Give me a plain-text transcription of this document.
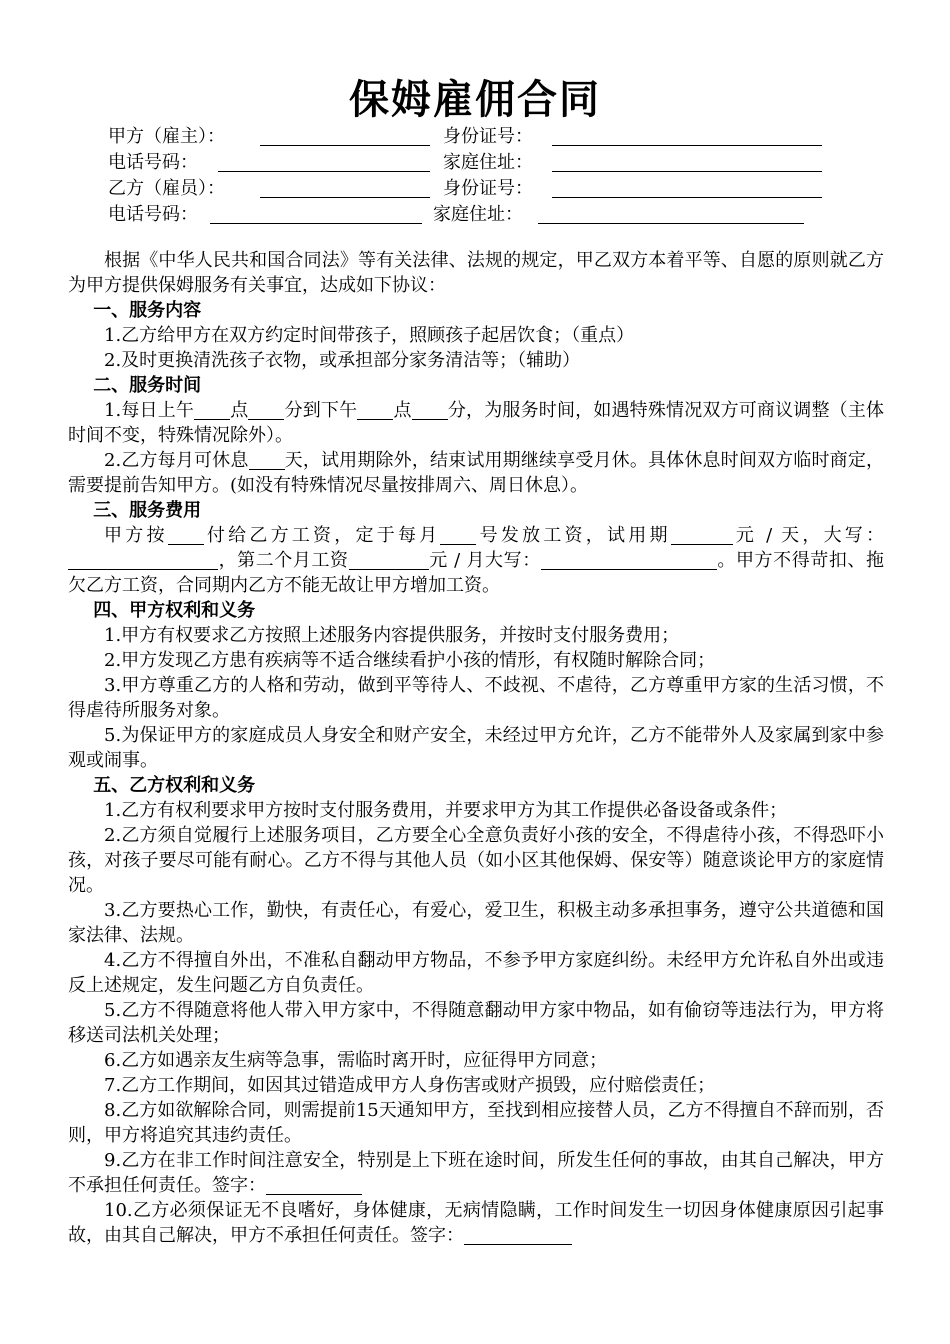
保姆雇佣合同
甲方（雇主）：	身份证号：
电话号码：	家庭住址：
乙方（雇员）：	身份证号：
电话号码：	家庭住址：

根据《中华人民共和国合同法》等有关法律、法规的规定，甲乙双方本着平等、自愿的原则就乙方为甲方提供保姆服务有关事宜，达成如下协议：

一、服务内容

1.乙方给甲方在双方约定时间带孩子，照顾孩子起居饮食；（重点）

2.及时更换清洗孩子衣物，或承担部分家务清洁等；（辅助）

二、服务时间

1.每日上午 点 分到下午 点 分，为服务时间，如遇特殊情况双方可商议调整（主体时间不变，特殊情况除外）。

2.乙方每月可休息 天，试用期除外，结束试用期继续享受月休。具体休息时间双方临时商定，需要提前告知甲方。(如没有特殊情况尽量按排周六、周日休息）。

三、服务费用

甲方按 付给乙方工资，定于每月 号发放工资，试用期	元 / 天，大写：，第二个月工资	元 / 月大写：	。甲方不得苛扣、拖欠乙方工资，合同期内乙方不能无故让甲方增加工资。

四、甲方权利和义务

1.甲方有权要求乙方按照上述服务内容提供服务，并按时支付服务费用；

2.甲方发现乙方患有疾病等不适合继续看护小孩的情形，有权随时解除合同；

3.甲方尊重乙方的人格和劳动，做到平等待人、不歧视、不虐待，乙方尊重甲方家的生活习惯，不得虐待所服务对象。

5.为保证甲方的家庭成员人身安全和财产安全，未经过甲方允许，乙方不能带外人及家属到家中参观或闹事。

五、乙方权利和义务

1.乙方有权利要求甲方按时支付服务费用，并要求甲方为其工作提供必备设备或条件；

2.乙方须自觉履行上述服务项目，乙方要全心全意负责好小孩的安全，不得虐待小孩，不得恐吓小孩，对孩子要尽可能有耐心。乙方不得与其他人员（如小区其他保姆、保安等）随意谈论甲方的家庭情况。

3.乙方要热心工作，勤快，有责任心，有爱心，爱卫生，积极主动多承担事务，遵守公共道德和国家法律、法规。

4.乙方不得擅自外出，不准私自翻动甲方物品，不参予甲方家庭纠纷。未经甲方允许私自外出或违反上述规定，发生问题乙方自负责任。

5.乙方不得随意将他人带入甲方家中，不得随意翻动甲方家中物品，如有偷窃等违法行为，甲方将移送司法机关处理；

6.乙方如遇亲友生病等急事，需临时离开时，应征得甲方同意；

7.乙方工作期间，如因其过错造成甲方人身伤害或财产损毁，应付赔偿责任；

8.乙方如欲解除合同，则需提前15天通知甲方，至找到相应接替人员，乙方不得擅自不辞而别，否则，甲方将追究其违约责任。

9.乙方在非工作时间注意安全，特别是上下班在途时间，所发生任何的事故，由其自己解决，甲方不承担任何责任。签字：

10.乙方必须保证无不良嗜好，身体健康，无病情隐瞒，工作时间发生一切因身体健康原因引起事故，由其自己解决，甲方不承担任何责任。签字：
